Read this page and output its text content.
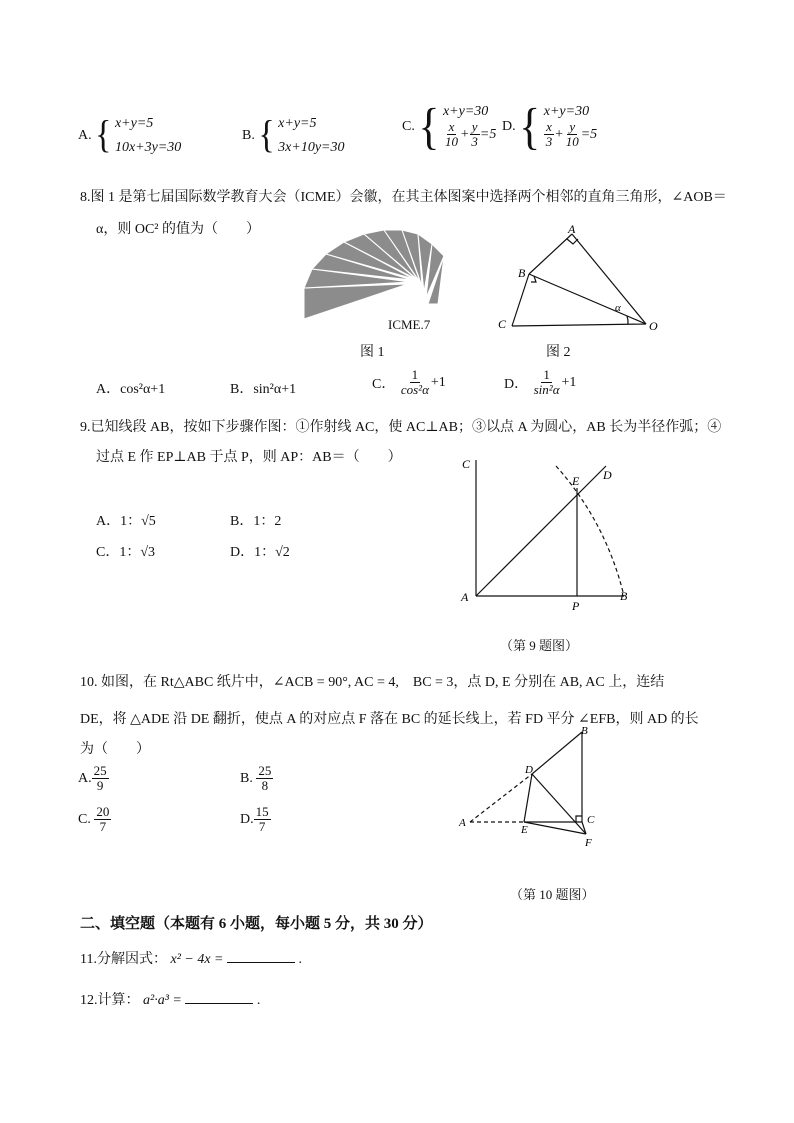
A. { x+y=5
10x+3y=30
B. { x+y=5
3x+10y=30
C. { x+y=30

$\frac{x}{10} + \frac{y}{3} =5$
D. { x+y=30

$\frac{x}{3} + \frac{y}{10} =5$
8.图 1 是第七届国际数学教育大会（ICME）会徽，在其主体图案中选择两个相邻的直角三角形，∠AOB＝
α，则 OC² 的值为（　　）
ICME.7
图 1
A
B
C	O
α
图 2
A．cos²α+1	B．sin²α+1	C． $\frac{1}{\text{cos²α}} +1$	D． $\frac{1}{\text{sin²α}} +1$
9.已知线段 AB，按如下步骤作图：①作射线 AC，使 AC⊥AB；③以点 A 为圆心，AB 长为半径作弧；④
过点 E 作 EP⊥AB 于点 P，则 AP：AB＝（　　）
A．1：√5	B．1：2
C．1：√3	D．1：√2
C
D
E
A
P
B
（第 9 题图）
10. 如图，在 Rt△ABC 纸片中，∠ACB = 90°, AC = 4,　BC = 3，点 D, E 分别在 AB, AC 上，连结
DE，将 △ADE 沿 DE 翻折，使点 A 的对应点 F 落在 BC 的延长线上，若 FD 平分 ∠EFB，则 AD 的长
为（　　）
A. $\frac{25}{9}$	B. $\frac{25}{8}$
C. $\frac{20}{7}$	D. $\frac{15}{7}$
B
D
A
E
C
F
（第 10 题图）
二、填空题（本题有 6 小题，每小题 5 分，共 30 分）
11.分解因式： x² − 4x =	.
12.计算： a²·a³ =	.
